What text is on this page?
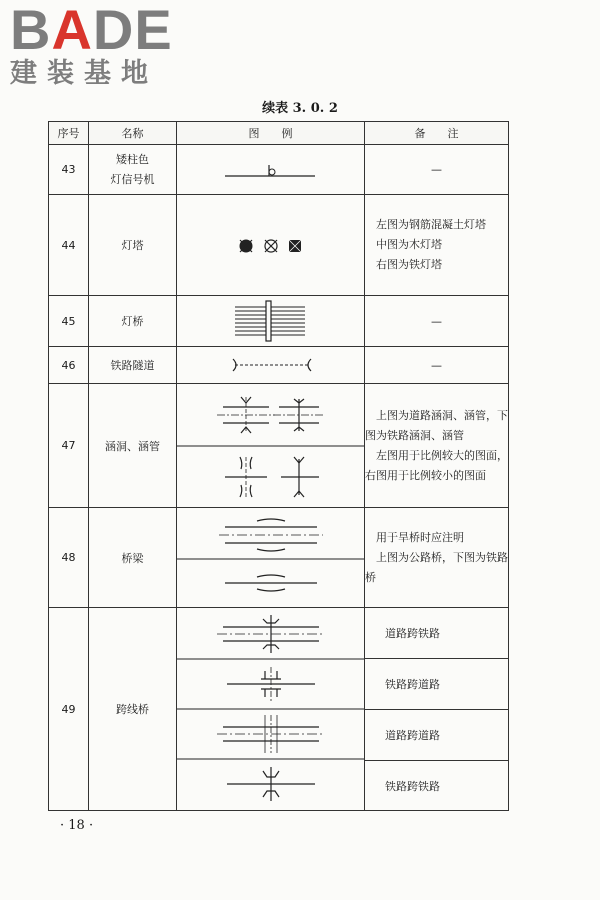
BADE
建装基地
续表 3. 0. 2
序号	名称	图　　例	备　　注
43	矮柱色
灯信号机		—
44	灯塔		左图为钢筋混凝土灯塔

中图为木灯塔

右图为铁灯塔

45	灯桥		—
46	铁路隧道		—
47	涵洞、涵管		上图为道路涵洞、涵管，下图为铁路涵洞、涵管

左图用于比例较大的图面，右图用于比例较小的图面

48	桥梁		用于旱桥时应注明

上图为公路桥，下图为铁路桥

49	跨线桥		道路跨铁路
铁路跨道路
道路跨道路
铁路跨铁路
· 18 ·
